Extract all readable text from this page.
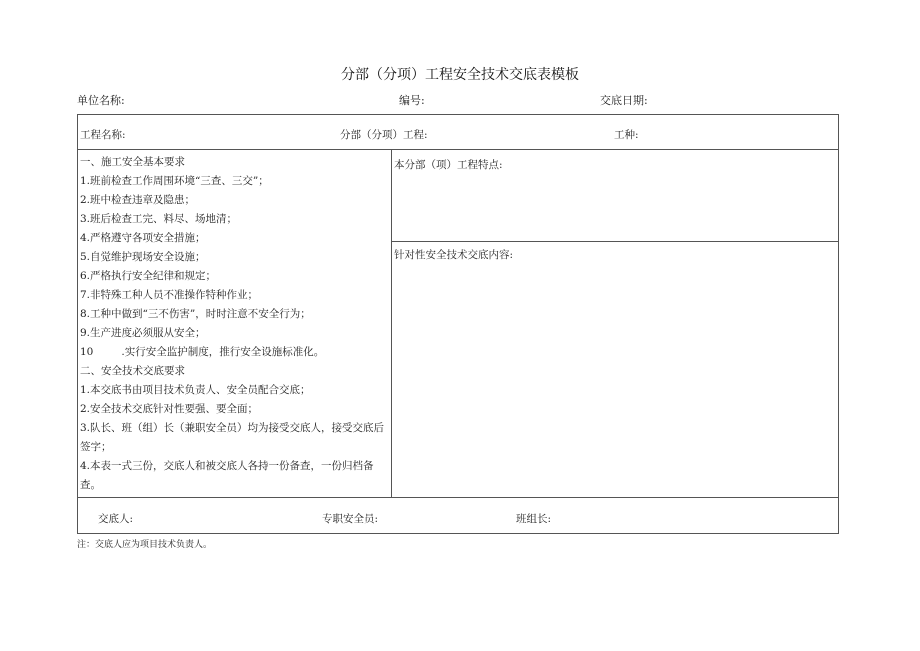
分部（分项）工程安全技术交底表模板
单位名称:	编号:	交底日期:
工程名称:	分部（分项）工程:	工种:
一、施工安全基本要求
1.班前检查工作周围环境“三查、三交”；
2.班中检查违章及隐患；
3.班后检查工完、料尽、场地清；
4.严格遵守各项安全措施；
5.自觉维护现场安全设施；
6.严格执行安全纪律和规定；
7.非特殊工种人员不准操作特种作业；
8.工种中做到“三不伤害”，时时注意不安全行为；
9.生产进度必须服从安全；
10	.实行安全监护制度，推行安全设施标准化。
二、安全技术交底要求
1.本交底书由项目技术负责人、安全员配合交底；
2.安全技术交底针对性要强、要全面；
3.队长、班（组）长（兼职安全员）均为接受交底人，接受交底后签字；
4.本表一式三份，交底人和被交底人各持一份备查，一份归档备查。
本分部（项）工程特点:
针对性安全技术交底内容:
交底人:	专职安全员:	班组长:
注：交底人应为项目技术负责人。
